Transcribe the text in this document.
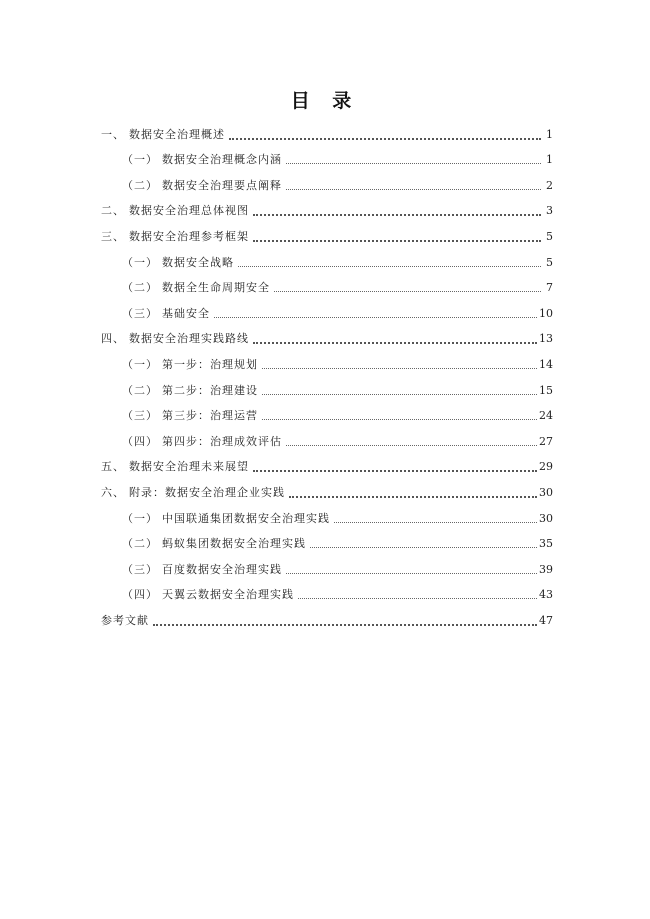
目 录
一、 数据安全治理概述	1
（一） 数据安全治理概念内涵	1
（二） 数据安全治理要点阐释	2
二、 数据安全治理总体视图	3
三、 数据安全治理参考框架	5
（一） 数据安全战略	5
（二） 数据全生命周期安全	7
（三） 基础安全	10
四、 数据安全治理实践路线	13
（一） 第一步：治理规划	14
（二） 第二步：治理建设	15
（三） 第三步：治理运营	24
（四） 第四步：治理成效评估	27
五、 数据安全治理未来展望	29
六、 附录：数据安全治理企业实践	30
（一） 中国联通集团数据安全治理实践	30
（二） 蚂蚁集团数据安全治理实践	35
（三） 百度数据安全治理实践	39
（四） 天翼云数据安全治理实践	43
参考文献	47
